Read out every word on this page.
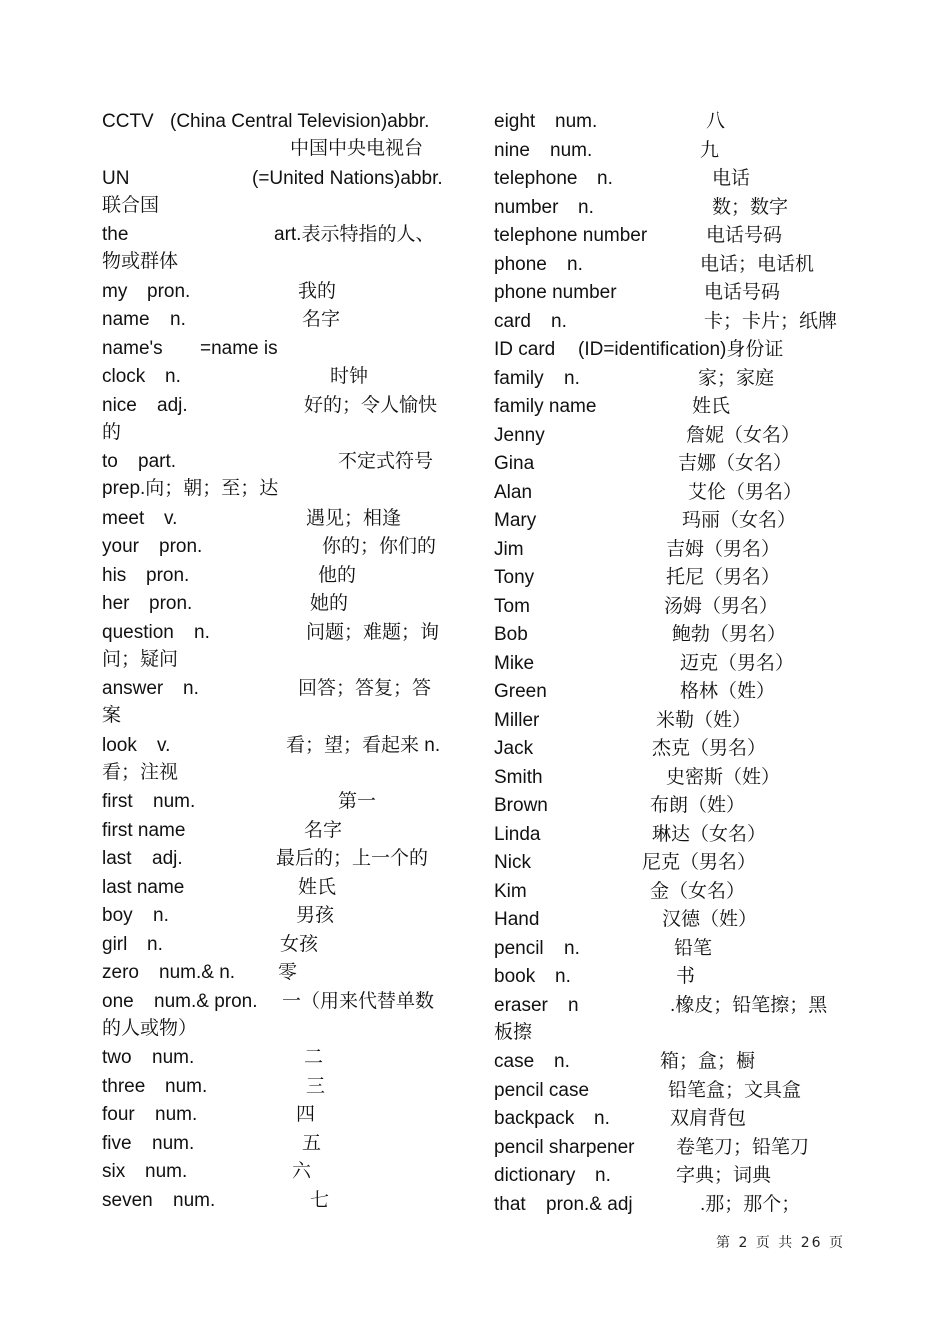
CCTV (China Central Television)abbr.
中国中央电视台
UN	(=United Nations)abbr.
联合国
the	art.表示特指的人、
物或群体
my pron.	我的
name n.	名字
name's =name is
clock n.	时钟
nice adj.	好的；令人愉快
的
to part.	不定式符号
prep.向；朝；至；达
meet v.	遇见；相逢
your pron.	你的；你们的
his pron.	他的
her pron.	她的
question n.	问题；难题；询
问；疑问
answer n.	回答；答复；答
案
look v.	看；望；看起来 n.
看；注视
first num.	第一
first name	名字
last adj.	最后的；上一个的
last name	姓氏
boy n.	男孩
girl n.	女孩
zero num.& n. 零
one num.& pron. 一（用来代替单数
的人或物）
two num.	二
three num.	三
four num.	四
five num.	五
six num.	六
seven num.	七
eight num.	八
nine num.	九
telephone n.	电话
number n.	数；数字
telephone number	电话号码
phone n.	电话；电话机
phone number	电话号码
card n.	卡；卡片；纸牌
ID card (ID=identification)身份证
family n.	家；家庭
family name	姓氏
Jenny	詹妮（女名）
Gina	吉娜（女名）
Alan	艾伦（男名）
Mary	玛丽（女名）
Jim	吉姆（男名）
Tony	托尼（男名）
Tom	汤姆（男名）
Bob	鲍勃（男名）
Mike	迈克（男名）
Green	格林（姓）
Miller	米勒（姓）
Jack	杰克（男名）
Smith	史密斯（姓）
Brown	布朗（姓）
Linda	琳达（女名）
Nick	尼克（男名）
Kim	金（女名）
Hand	汉德（姓）
pencil n.	铅笔
book n.	书
eraser n	.橡皮；铅笔擦；黑
板擦
case n.	箱；盒；橱
pencil case	铅笔盒；文具盒
backpack n.	双肩背包
pencil sharpener 卷笔刀；铅笔刀
dictionary n.	字典；词典
that pron.& adj	.那；那个；
第 2 页 共 26 页
